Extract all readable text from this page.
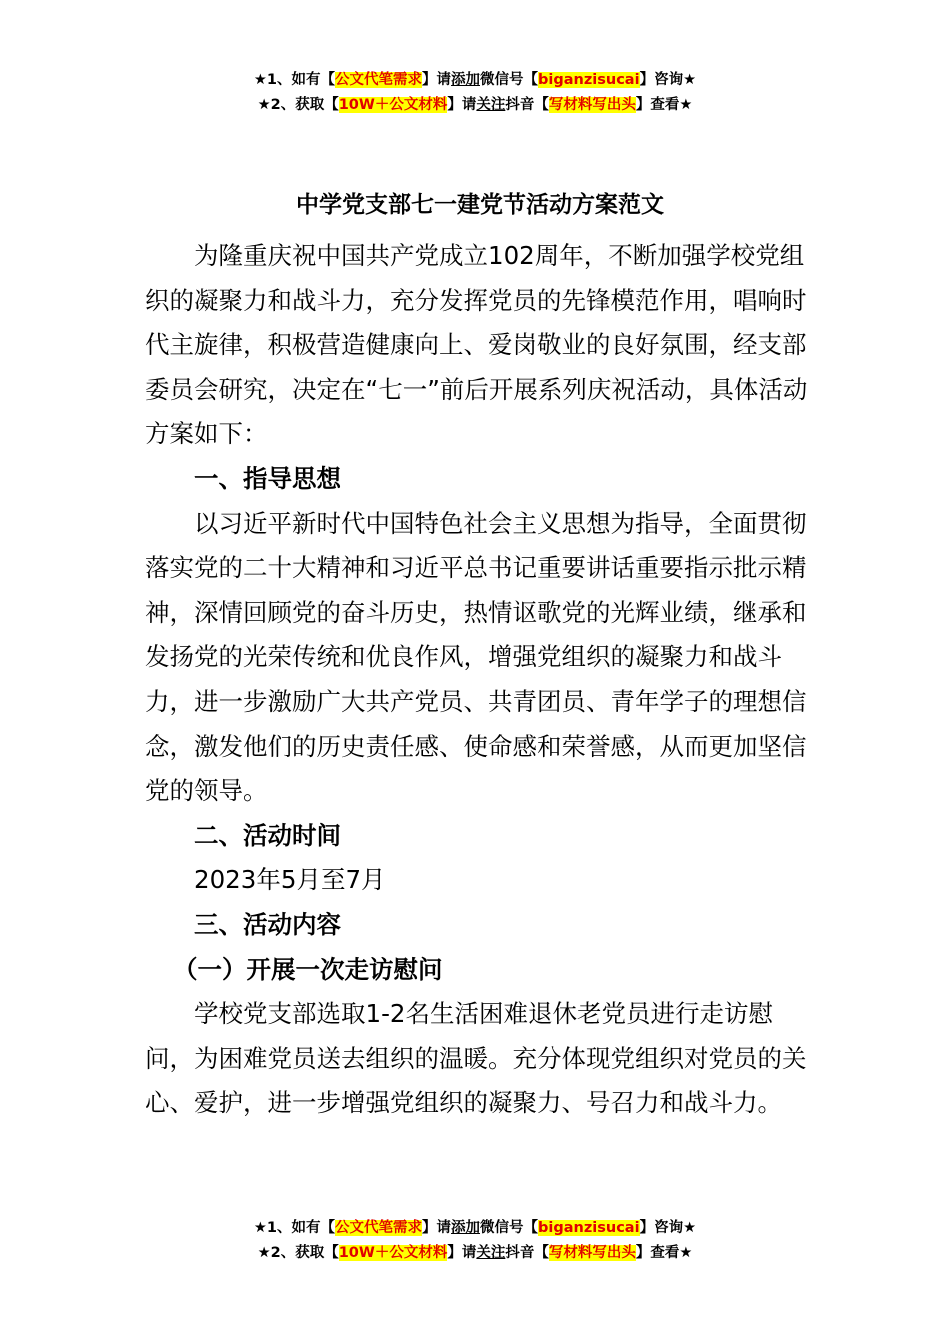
★1、如有【公文代笔需求】请添加微信号【biganzisucai】咨询★
★2、获取【10W＋公文材料】请关注抖音【写材料写出头】查看★
中学党支部七一建党节活动方案范文

为隆重庆祝中国共产党成立102周年，不断加强学校党组织的凝聚力和战斗力，充分发挥党员的先锋模范作用，唱响时代主旋律，积极营造健康向上、爱岗敬业的良好氛围，经支部委员会研究，决定在“七一”前后开展系列庆祝活动，具体活动方案如下：

一、指导思想

以习近平新时代中国特色社会主义思想为指导，全面贯彻落实党的二十大精神和习近平总书记重要讲话重要指示批示精神，深情回顾党的奋斗历史，热情讴歌党的光辉业绩，继承和发扬党的光荣传统和优良作风，增强党组织的凝聚力和战斗力，进一步激励广大共产党员、共青团员、青年学子的理想信念，激发他们的历史责任感、使命感和荣誉感，从而更加坚信党的领导。

二、活动时间

2023年5月至7月

三、活动内容

（一）开展一次走访慰问

学校党支部选取1-2名生活困难退休老党员进行走访慰问，为困难党员送去组织的温暖。充分体现党组织对党员的关心、爱护，进一步增强党组织的凝聚力、号召力和战斗力。

★1、如有【公文代笔需求】请添加微信号【biganzisucai】咨询★
★2、获取【10W＋公文材料】请关注抖音【写材料写出头】查看★
